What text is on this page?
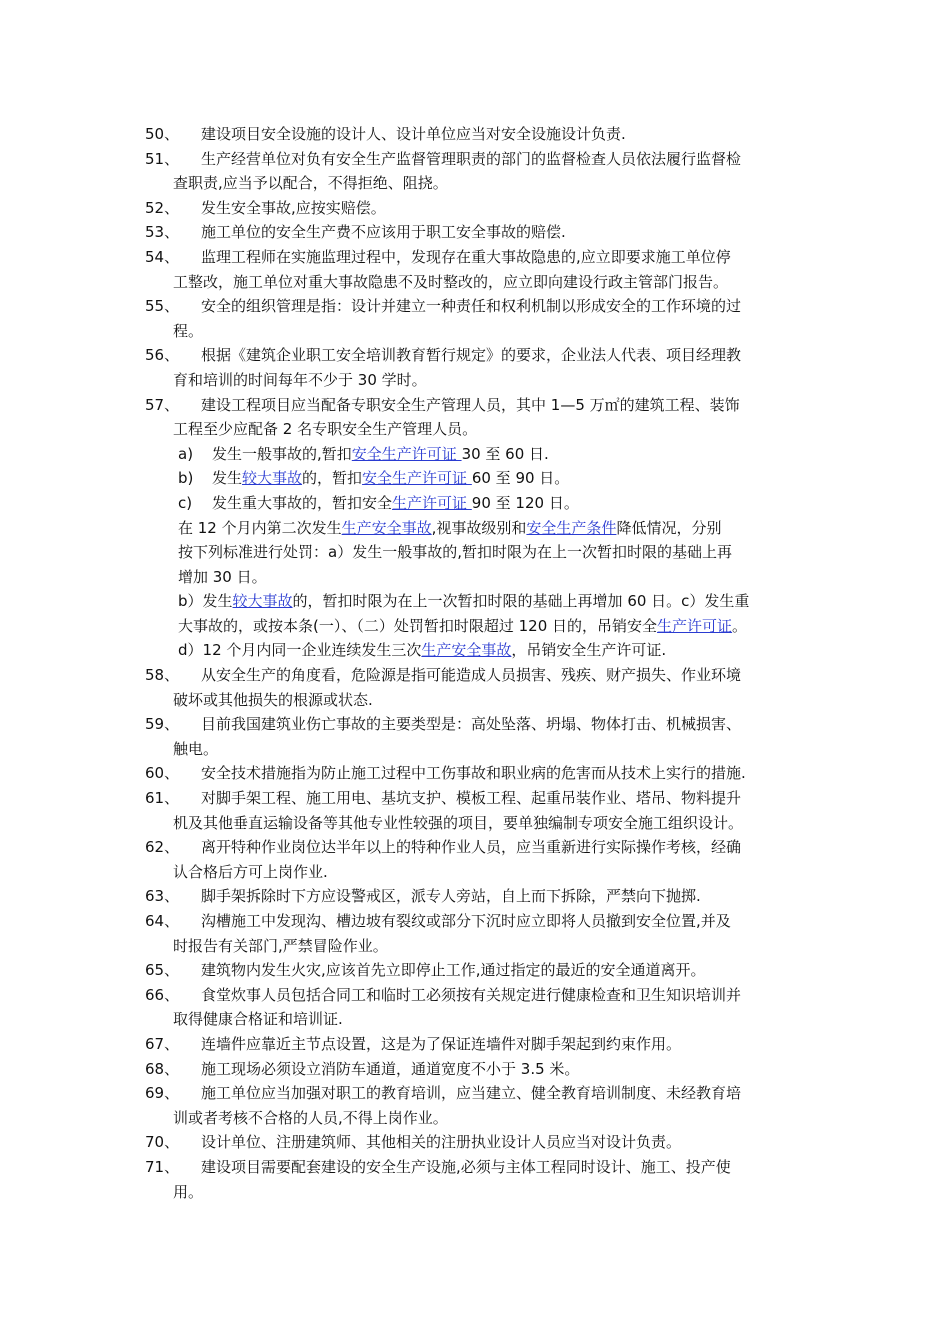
50、	建设项目安全设施的设计人、设计单位应当对安全设施设计负责.
51、	生产经营单位对负有安全生产监督管理职责的部门的监督检查人员依法履行监督检
查职责,应当予以配合，不得拒绝、阻挠。
52、	发生安全事故,应按实赔偿。
53、	施工单位的安全生产费不应该用于职工安全事故的赔偿.
54、	监理工程师在实施监理过程中，发现存在重大事故隐患的,应立即要求施工单位停
工整改，施工单位对重大事故隐患不及时整改的，应立即向建设行政主管部门报告。
55、	安全的组织管理是指：设计并建立一种责任和权利机制以形成安全的工作环境的过
程。
56、	根据《建筑企业职工安全培训教育暂行规定》的要求，企业法人代表、项目经理教
育和培训的时间每年不少于 30 学时。
57、	建设工程项目应当配备专职安全生产管理人员，其中 1—5 万㎡的建筑工程、装饰
工程至少应配备 2 名专职安全生产管理人员。
a)	发生一般事故的,暂扣安全生产许可证 30 至 60 日.
b)	发生较大事故的，暂扣安全生产许可证 60 至 90 日。
c)	发生重大事故的，暂扣安全生产许可证 90 至 120 日。
在 12 个月内第二次发生生产安全事故,视事故级别和安全生产条件降低情况，分别
按下列标准进行处罚：a）发生一般事故的,暂扣时限为在上一次暂扣时限的基础上再
增加 30 日。
b）发生较大事故的，暂扣时限为在上一次暂扣时限的基础上再增加 60 日。c）发生重
大事故的，或按本条(一）、（二）处罚暂扣时限超过 120 日的，吊销安全生产许可证。
d）12 个月内同一企业连续发生三次生产安全事故，吊销安全生产许可证.
58、	从安全生产的角度看，危险源是指可能造成人员损害、残疾、财产损失、作业环境
破坏或其他损失的根源或状态.
59、	目前我国建筑业伤亡事故的主要类型是：高处坠落、坍塌、物体打击、机械损害、
触电。
60、	安全技术措施指为防止施工过程中工伤事故和职业病的危害而从技术上实行的措施.
61、	对脚手架工程、施工用电、基坑支护、模板工程、起重吊装作业、塔吊、物料提升
机及其他垂直运输设备等其他专业性较强的项目，要单独编制专项安全施工组织设计。
62、	离开特种作业岗位达半年以上的特种作业人员，应当重新进行实际操作考核，经确
认合格后方可上岗作业.
63、	脚手架拆除时下方应设警戒区，派专人旁站，自上而下拆除，严禁向下抛掷.
64、	沟槽施工中发现沟、槽边坡有裂纹或部分下沉时应立即将人员撤到安全位置,并及
时报告有关部门,严禁冒险作业。
65、	建筑物内发生火灾,应该首先立即停止工作,通过指定的最近的安全通道离开。
66、	食堂炊事人员包括合同工和临时工必须按有关规定进行健康检查和卫生知识培训并
取得健康合格证和培训证.
67、	连墙件应靠近主节点设置，这是为了保证连墙件对脚手架起到约束作用。
68、	施工现场必须设立消防车通道，通道宽度不小于 3.5 米。
69、	施工单位应当加强对职工的教育培训，应当建立、健全教育培训制度、未经教育培
训或者考核不合格的人员,不得上岗作业。
70、	设计单位、注册建筑师、其他相关的注册执业设计人员应当对设计负责。
71、	建设项目需要配套建设的安全生产设施,必须与主体工程同时设计、施工、投产使
用。
